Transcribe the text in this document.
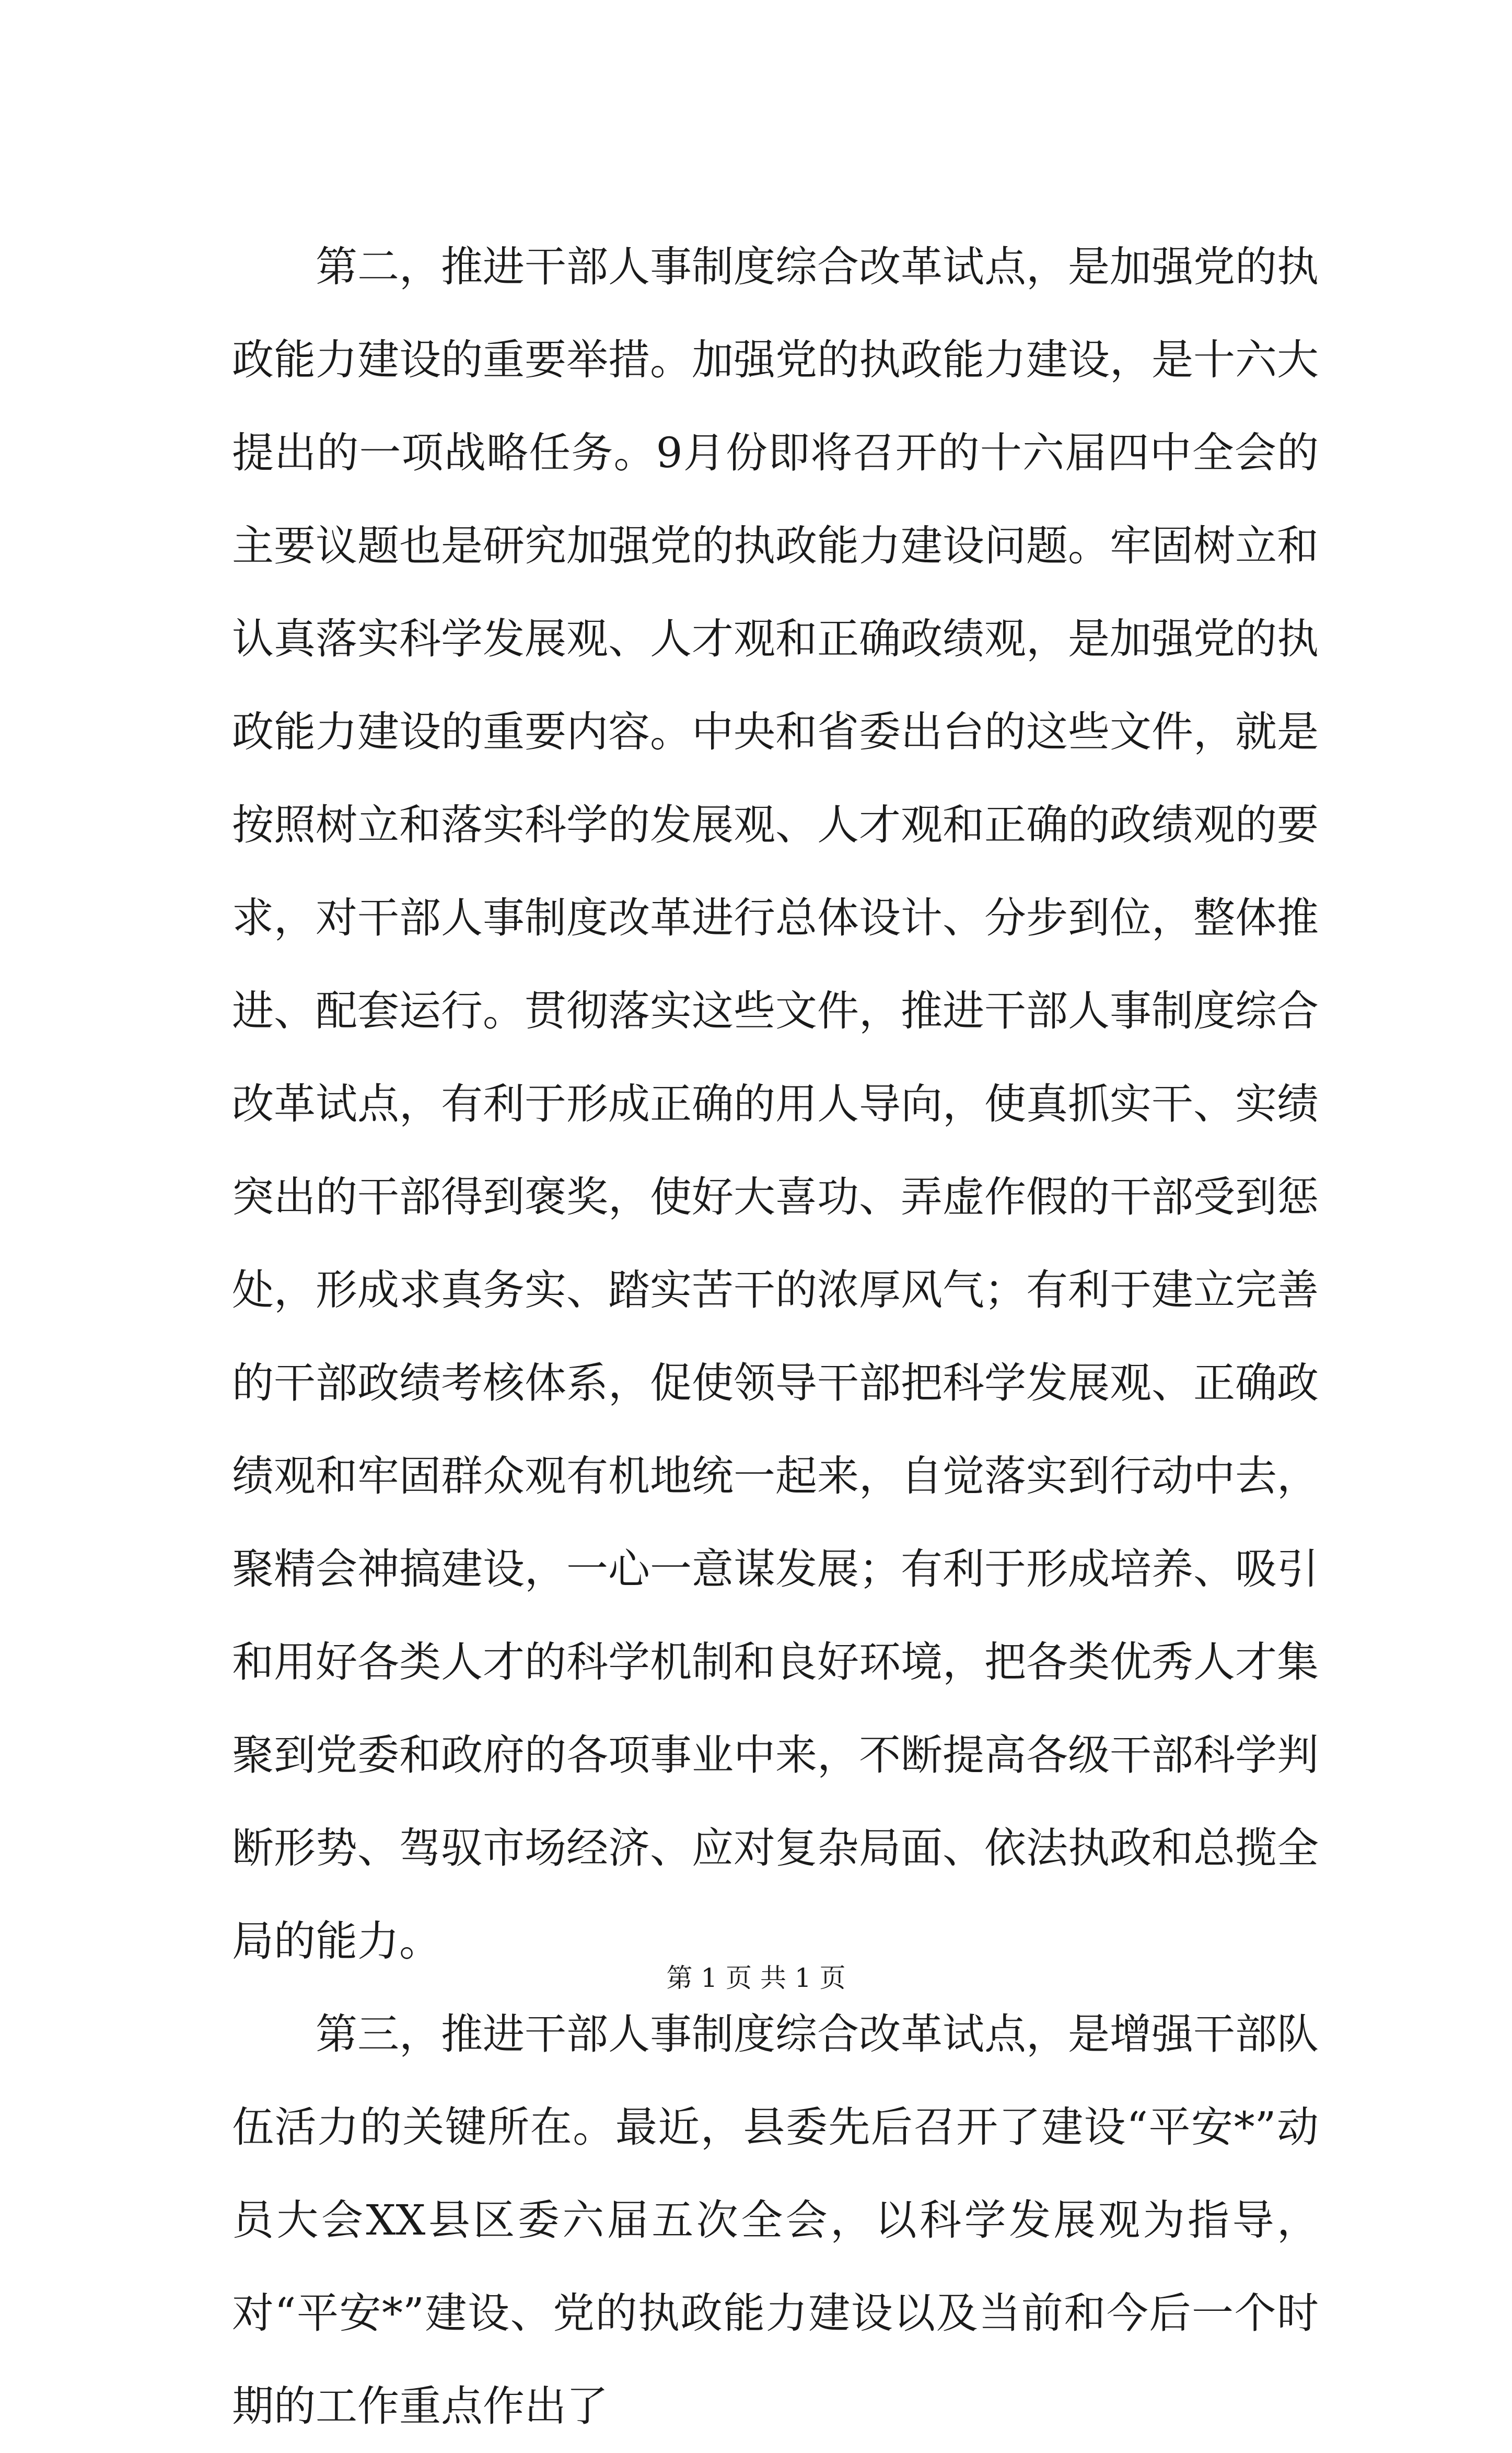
第二，推进干部人事制度综合改革试点，是加强党的执政能力建设的重要举措。加强党的执政能力建设，是十六大提出的一项战略任务。9月份即将召开的十六届四中全会的主要议题也是研究加强党的执政能力建设问题。牢固树立和认真落实科学发展观、人才观和正确政绩观，是加强党的执政能力建设的重要内容。中央和省委出台的这些文件，就是按照树立和落实科学的发展观、人才观和正确的政绩观的要求，对干部人事制度改革进行总体设计、分步到位，整体推进、配套运行。贯彻落实这些文件，推进干部人事制度综合改革试点，有利于形成正确的用人导向，使真抓实干、实绩突出的干部得到褒奖，使好大喜功、弄虚作假的干部受到惩处，形成求真务实、踏实苦干的浓厚风气；有利于建立完善的干部政绩考核体系，促使领导干部把科学发展观、正确政绩观和牢固群众观有机地统一起来，自觉落实到行动中去，聚精会神搞建设，一心一意谋发展；有利于形成培养、吸引和用好各类人才的科学机制和良好环境，把各类优秀人才集聚到党委和政府的各项事业中来，不断提高各级干部科学判断形势、驾驭市场经济、应对复杂局面、依法执政和总揽全局的能力。

第三，推进干部人事制度综合改革试点，是增强干部队伍活力的关键所在。最近，县委先后召开了建设“平安*”动员大会XX县区委六届五次全会，以科学发展观为指导，对“平安*”建设、党的执政能力建设以及当前和今后一个时期的工作重点作出了

第 1 页 共 1 页
